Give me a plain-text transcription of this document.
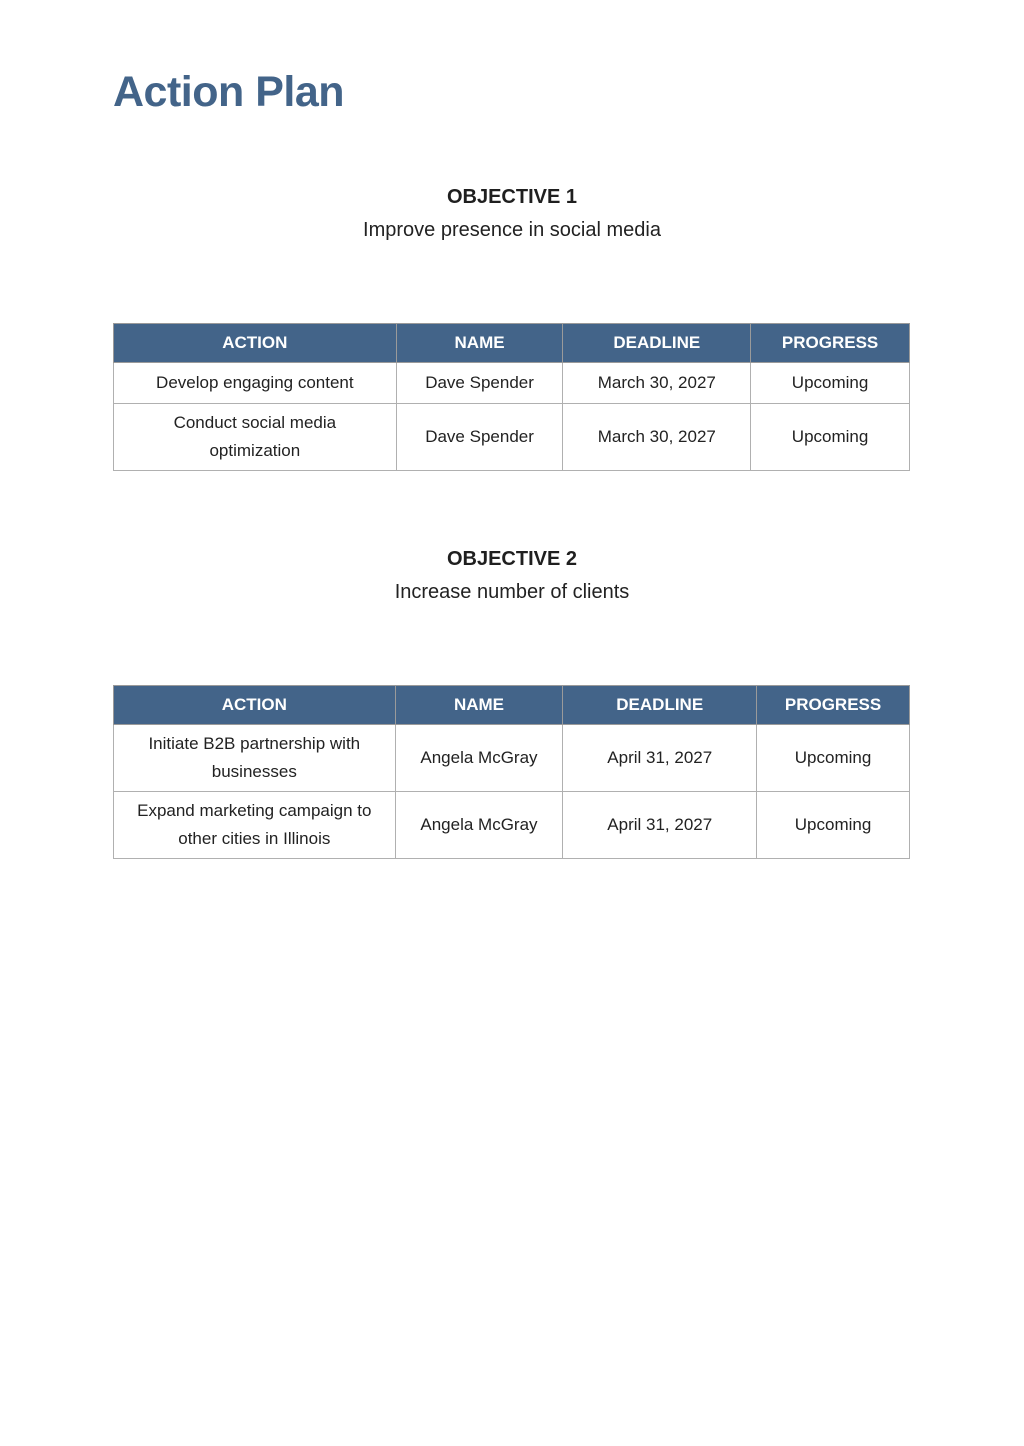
Action Plan
OBJECTIVE 1
Improve presence in social media
ACTION	NAME	DEADLINE	PROGRESS
Develop engaging content	Dave Spender	March 30, 2027	Upcoming
Conduct social media optimization	Dave Spender	March 30, 2027	Upcoming
OBJECTIVE 2
Increase number of clients
ACTION	NAME	DEADLINE	PROGRESS
Initiate B2B partnership with businesses	Angela McGray	April 31, 2027	Upcoming
Expand marketing campaign to other cities in Illinois	Angela McGray	April 31, 2027	Upcoming
